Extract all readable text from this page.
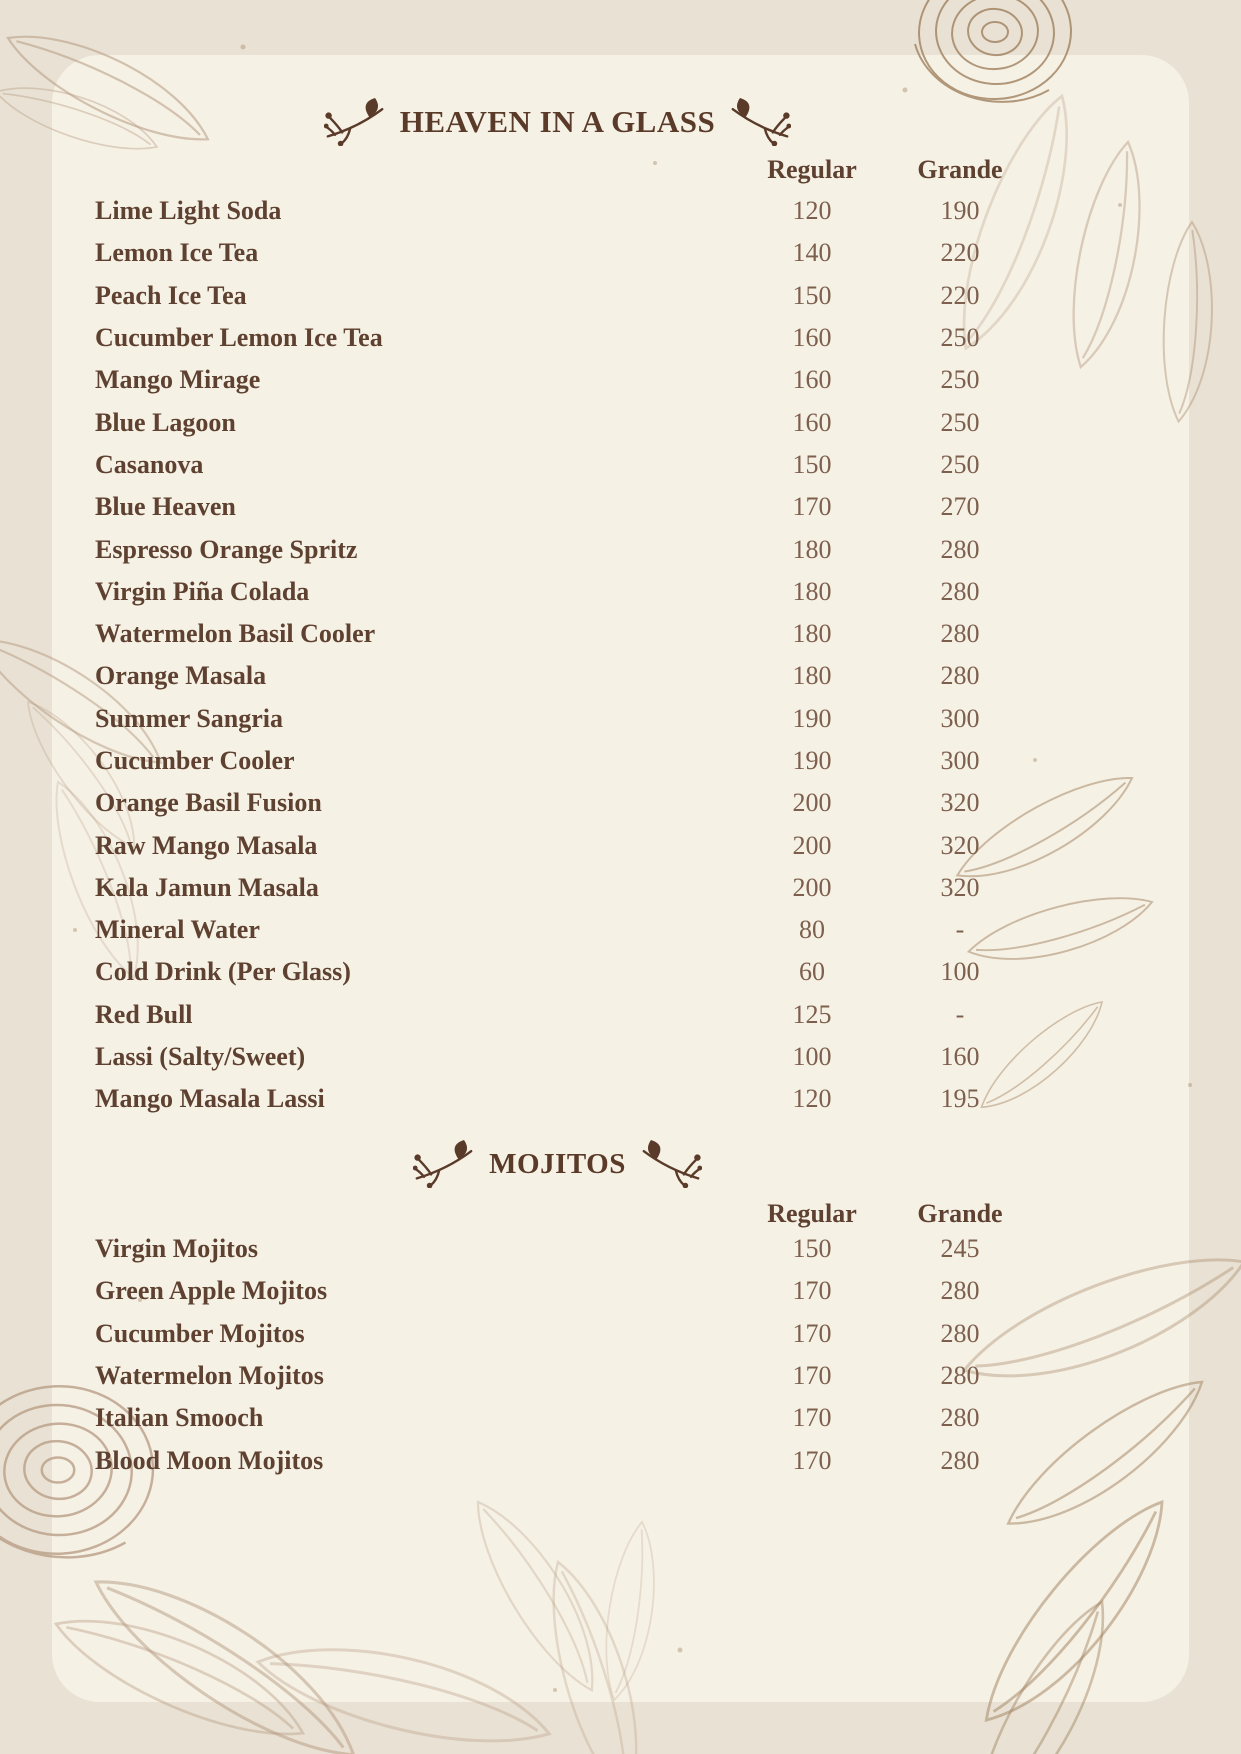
HEAVEN IN A GLASS
Regular	Grande
Lime Light Soda	120	190
Lemon Ice Tea	140	220
Peach Ice Tea	150	220
Cucumber Lemon Ice Tea	160	250
Mango Mirage	160	250
Blue Lagoon	160	250
Casanova	150	250
Blue Heaven	170	270
Espresso Orange Spritz	180	280
Virgin Piña Colada	180	280
Watermelon Basil Cooler	180	280
Orange Masala	180	280
Summer Sangria	190	300
Cucumber Cooler	190	300
Orange Basil Fusion	200	320
Raw Mango Masala	200	320
Kala Jamun Masala	200	320
Mineral Water	80	-
Cold Drink (Per Glass)	60	100
Red Bull	125	-
Lassi (Salty/Sweet)	100	160
Mango Masala Lassi	120	195
MOJITOS
Regular	Grande
Virgin Mojitos	150	245
Green Apple Mojitos	170	280
Cucumber Mojitos	170	280
Watermelon Mojitos	170	280
Italian Smooch	170	280
Blood Moon Mojitos	170	280
